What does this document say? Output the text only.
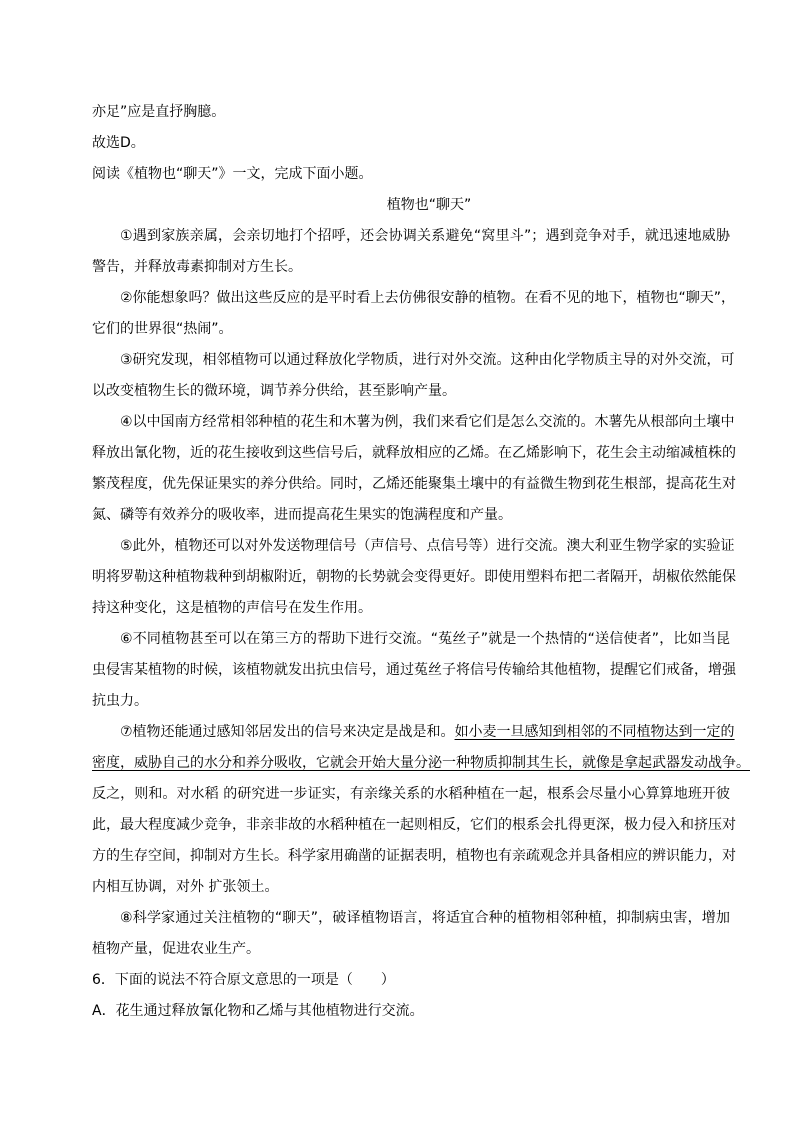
亦足”应是直抒胸臆。
故选D。
阅读《植物也“聊天”》一文，完成下面小题。
植物也“聊天”
①遇到家族亲属，会亲切地打个招呼，还会协调关系避免“窝里斗”；遇到竞争对手，就迅速地威胁
警告，并释放毒素抑制对方生长。
②你能想象吗？做出这些反应的是平时看上去仿佛很安静的植物。在看不见的地下，植物也“聊天”，
它们的世界很“热闹”。
③研究发现，相邻植物可以通过释放化学物质，进行对外交流。这种由化学物质主导的对外交流，可
以改变植物生长的微环境，调节养分供给，甚至影响产量。
④以中国南方经常相邻种植的花生和木薯为例，我们来看它们是怎么交流的。木薯先从根部向土壤中
释放出氰化物，近的花生接收到这些信号后，就释放相应的乙烯。在乙烯影响下，花生会主动缩减植株的
繁茂程度，优先保证果实的养分供给。同时，乙烯还能聚集土壤中的有益微生物到花生根部，提高花生对
氮、磷等有效养分的吸收率，进而提高花生果实的饱满程度和产量。
⑤此外，植物还可以对外发送物理信号（声信号、点信号等）进行交流。澳大利亚生物学家的实验证
明将罗勒这种植物栽种到胡椒附近，朝物的长势就会变得更好。即使用塑料布把二者隔开，胡椒依然能保
持这种变化，这是植物的声信号在发生作用。
⑥不同植物甚至可以在第三方的帮助下进行交流。“菟丝子”就是一个热情的“送信使者”，比如当昆
虫侵害某植物的时候，该植物就发出抗虫信号，通过菟丝子将信号传输给其他植物，提醒它们戒备，增强
抗虫力。
⑦植物还能通过感知邻居发出的信号来决定是战是和。如小麦一旦感知到相邻的不同植物达到一定的
密度，威胁自己的水分和养分吸收，它就会开始大量分泌一种物质抑制其生长，就像是拿起武器发动战争。
反之，则和。对水稻 的研究进一步证实，有亲缘关系的水稻种植在一起，根系会尽量小心算算地班开彼
此，最大程度减少竞争，非亲非故的水稻种植在一起则相反，它们的根系会扎得更深，极力侵入和挤压对
方的生存空间，抑制对方生长。科学家用确凿的证据表明，植物也有亲疏观念并具备相应的辨识能力，对
内相互协调，对外 扩张领土。
⑧科学家通过关注植物的“聊天”，破译植物语言，将适宜合种的植物相邻种植，抑制病虫害，增加
植物产量，促进农业生产。
6．下面的说法不符合原文意思的一项是（　　）
A．花生通过释放氰化物和乙烯与其他植物进行交流。
